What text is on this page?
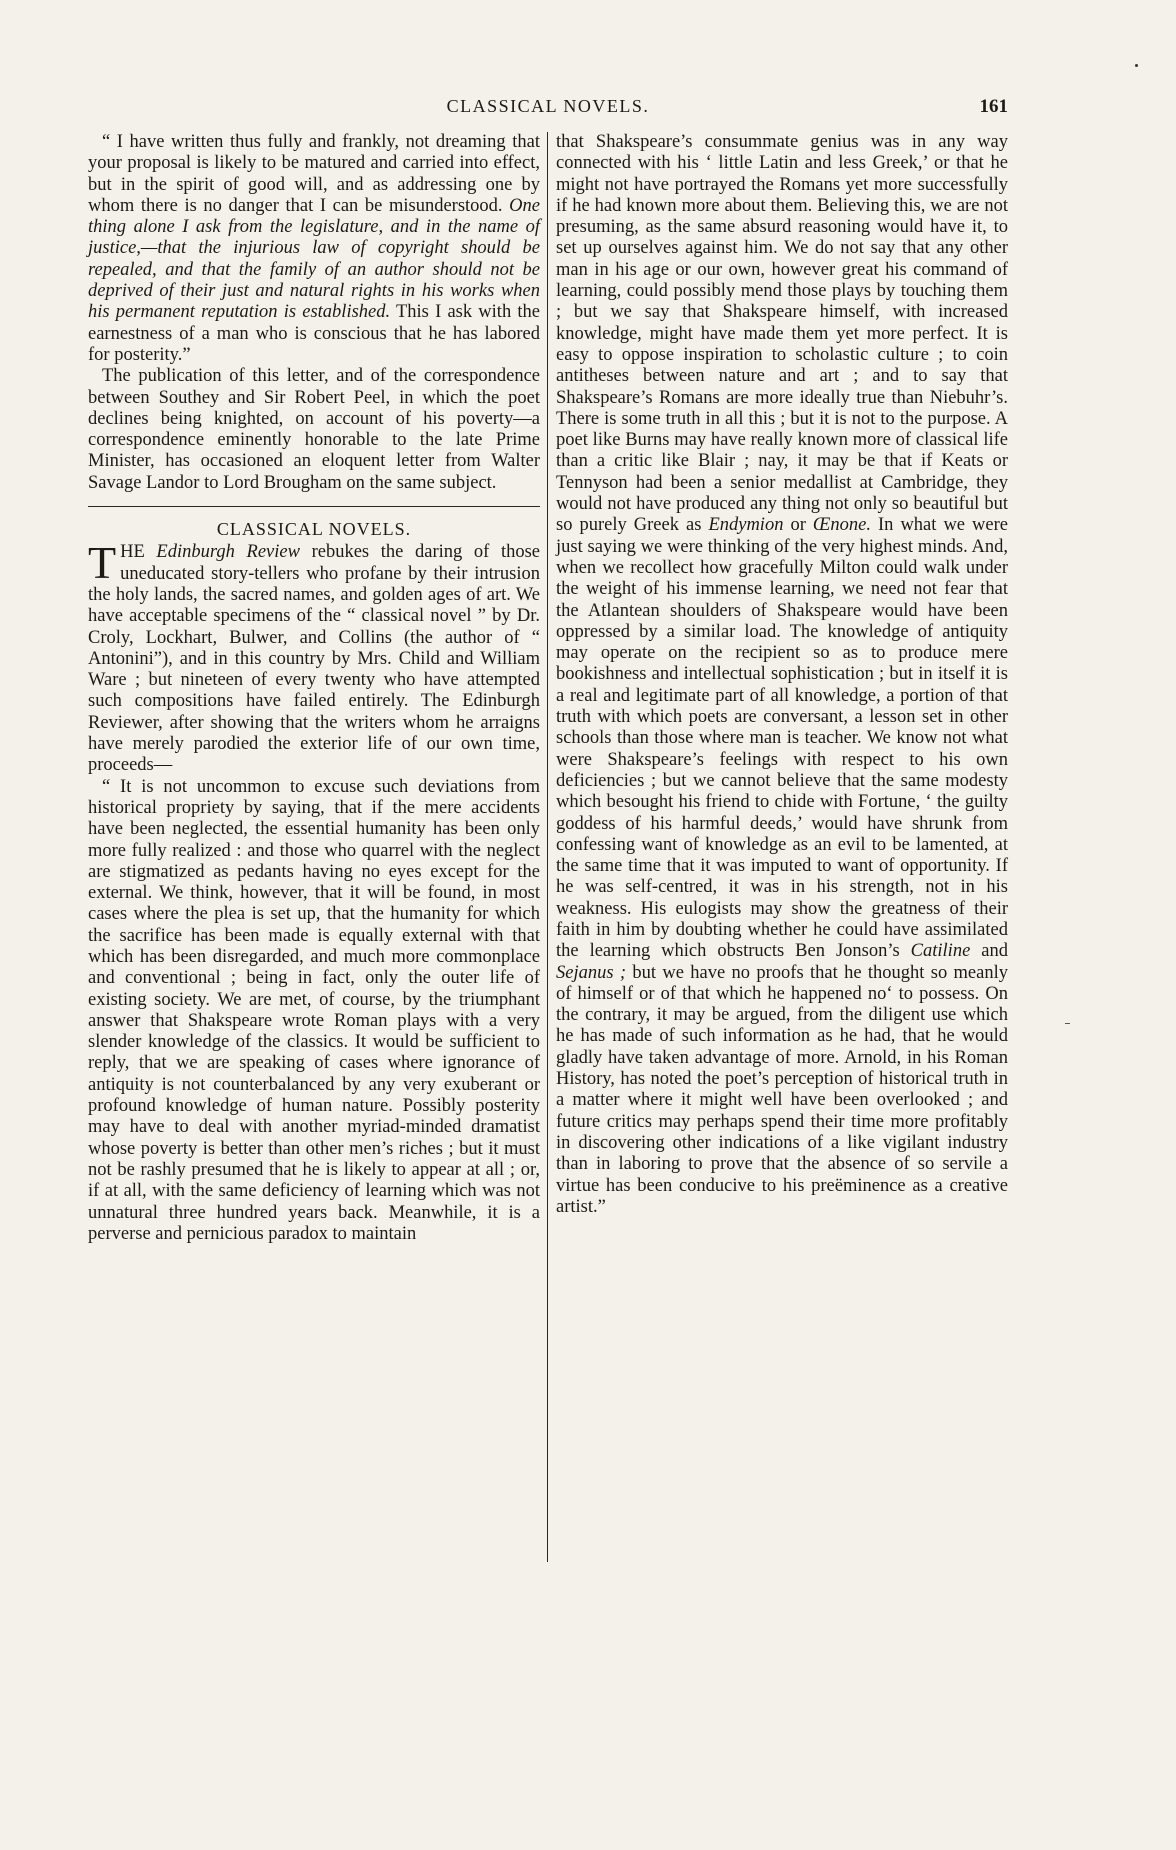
CLASSICAL NOVELS.	161

“ I have written thus fully and frankly, not dreaming that your proposal is likely to be matured and carried into effect, but in the spirit of good will, and as addressing one by whom there is no danger that I can be misunderstood. One thing alone I ask from the legislature, and in the name of justice,—that the injurious law of copyright should be repealed, and that the family of an author should not be deprived of their just and natural rights in his works when his permanent reputation is established. This I ask with the earnestness of a man who is conscious that he has labored for posterity.”

The publication of this letter, and of the correspondence between Southey and Sir Robert Peel, in which the poet declines being knighted, on account of his poverty—a correspondence eminently honorable to the late Prime Minister, has occasioned an eloquent letter from Walter Savage Landor to Lord Brougham on the same subject.

CLASSICAL NOVELS.

THE Edinburgh Review rebukes the daring of those uneducated story-tellers who profane by their intrusion the holy lands, the sacred names, and golden ages of art. We have acceptable specimens of the “ classical novel ” by Dr. Croly, Lockhart, Bulwer, and Collins (the author of “ Antonini”), and in this country by Mrs. Child and William Ware ; but nineteen of every twenty who have attempted such compositions have failed entirely. The Edinburgh Reviewer, after showing that the writers whom he arraigns have merely parodied the exterior life of our own time, proceeds—

“ It is not uncommon to excuse such deviations from historical propriety by saying, that if the mere accidents have been neglected, the essential humanity has been only more fully realized : and those who quarrel with the neglect are stigmatized as pedants having no eyes except for the external. We think, however, that it will be found, in most cases where the plea is set up, that the humanity for which the sacrifice has been made is equally external with that which has been disregarded, and much more commonplace and conventional ; being in fact, only the outer life of existing society. We are met, of course, by the triumphant answer that Shakspeare wrote Roman plays with a very slender knowledge of the classics. It would be sufficient to reply, that we are speaking of cases where ignorance of antiquity is not counterbalanced by any very exuberant or profound knowledge of human nature. Possibly posterity may have to deal with another myriad-minded dramatist whose poverty is better than other men’s riches ; but it must not be rashly presumed that he is likely to appear at all ; or, if at all, with the same deficiency of learning which was not unnatural three hundred years back. Meanwhile, it is a perverse and pernicious paradox to maintain

that Shakspeare’s consummate genius was in any way connected with his ‘ little Latin and less Greek,’ or that he might not have portrayed the Romans yet more successfully if he had known more about them. Believing this, we are not presuming, as the same absurd reasoning would have it, to set up ourselves against him. We do not say that any other man in his age or our own, however great his command of learning, could possibly mend those plays by touching them ; but we say that Shakspeare himself, with increased knowledge, might have made them yet more perfect. It is easy to oppose inspiration to scholastic culture ; to coin antitheses between nature and art ; and to say that Shakspeare’s Romans are more ideally true than Niebuhr’s. There is some truth in all this ; but it is not to the purpose. A poet like Burns may have really known more of classical life than a critic like Blair ; nay, it may be that if Keats or Tennyson had been a senior medallist at Cambridge, they would not have produced any thing not only so beautiful but so purely Greek as Endymion or Œnone. In what we were just saying we were thinking of the very highest minds. And, when we recollect how gracefully Milton could walk under the weight of his immense learning, we need not fear that the Atlantean shoulders of Shakspeare would have been oppressed by a similar load. The knowledge of antiquity may operate on the recipient so as to produce mere bookishness and intellectual sophistication ; but in itself it is a real and legitimate part of all knowledge, a portion of that truth with which poets are conversant, a lesson set in other schools than those where man is teacher. We know not what were Shakspeare’s feelings with respect to his own deficiencies ; but we cannot believe that the same modesty which besought his friend to chide with Fortune, ‘ the guilty goddess of his harmful deeds,’ would have shrunk from confessing want of knowledge as an evil to be lamented, at the same time that it was imputed to want of opportunity. If he was self-centred, it was in his strength, not in his weakness. His eulogists may show the greatness of their faith in him by doubting whether he could have assimilated the learning which obstructs Ben Jonson’s Catiline and Sejanus ; but we have no proofs that he thought so meanly of himself or of that which he happened no‘ to possess. On the contrary, it may be argued, from the diligent use which he has made of such information as he had, that he would gladly have taken advantage of more. Arnold, in his Roman History, has noted the poet’s perception of historical truth in a matter where it might well have been overlooked ; and future critics may perhaps spend their time more profitably in discovering other indications of a like vigilant industry than in laboring to prove that the absence of so servile a virtue has been conducive to his preëminence as a creative artist.”
